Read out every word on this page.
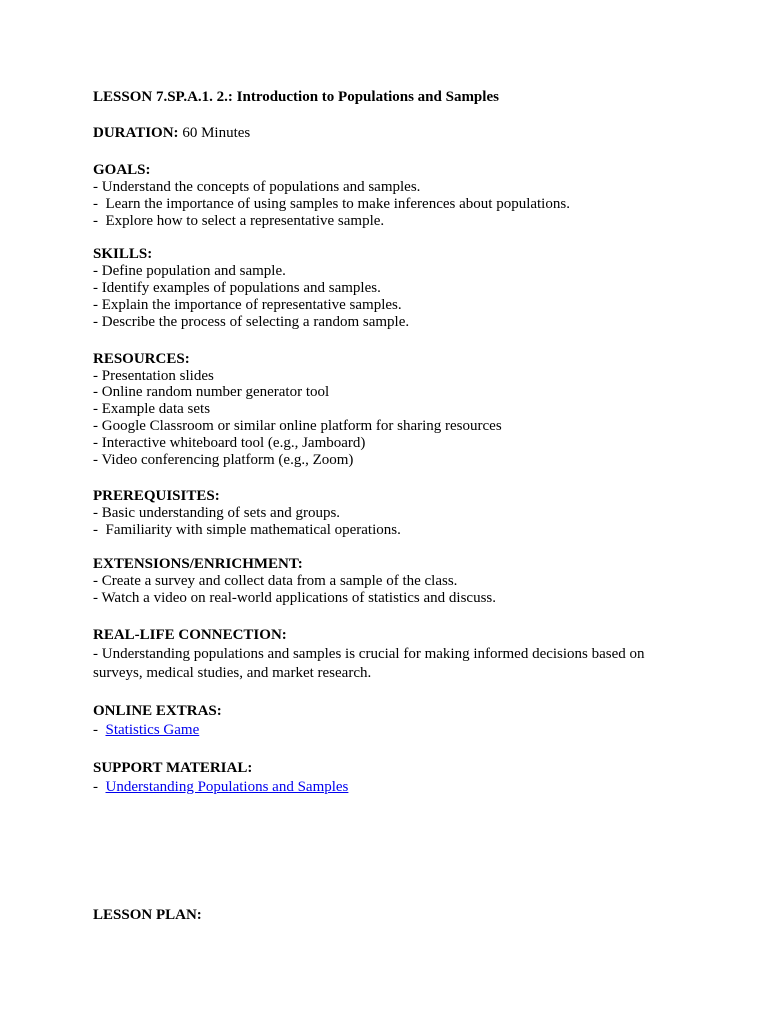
LESSON 7.SP.A.1. 2.: Introduction to Populations and Samples

DURATION: 60 Minutes
GOALS:
- Understand the concepts of populations and samples.
-  Learn the importance of using samples to make inferences about populations.
-  Explore how to select a representative sample.
SKILLS:
- Define population and sample.
- Identify examples of populations and samples.
- Explain the importance of representative samples.
- Describe the process of selecting a random sample.
RESOURCES:
- Presentation slides
- Online random number generator tool
- Example data sets
- Google Classroom or similar online platform for sharing resources
- Interactive whiteboard tool (e.g., Jamboard)
- Video conferencing platform (e.g., Zoom)
PREREQUISITES:
- Basic understanding of sets and groups.
-  Familiarity with simple mathematical operations.
EXTENSIONS/ENRICHMENT:
- Create a survey and collect data from a sample of the class.
- Watch a video on real-world applications of statistics and discuss.
REAL-LIFE CONNECTION:

- Understanding populations and samples is crucial for making informed decisions based on surveys, medical studies, and market research.

ONLINE EXTRAS:
-  Statistics Game
SUPPORT MATERIAL:
-  Understanding Populations and Samples
LESSON PLAN:
